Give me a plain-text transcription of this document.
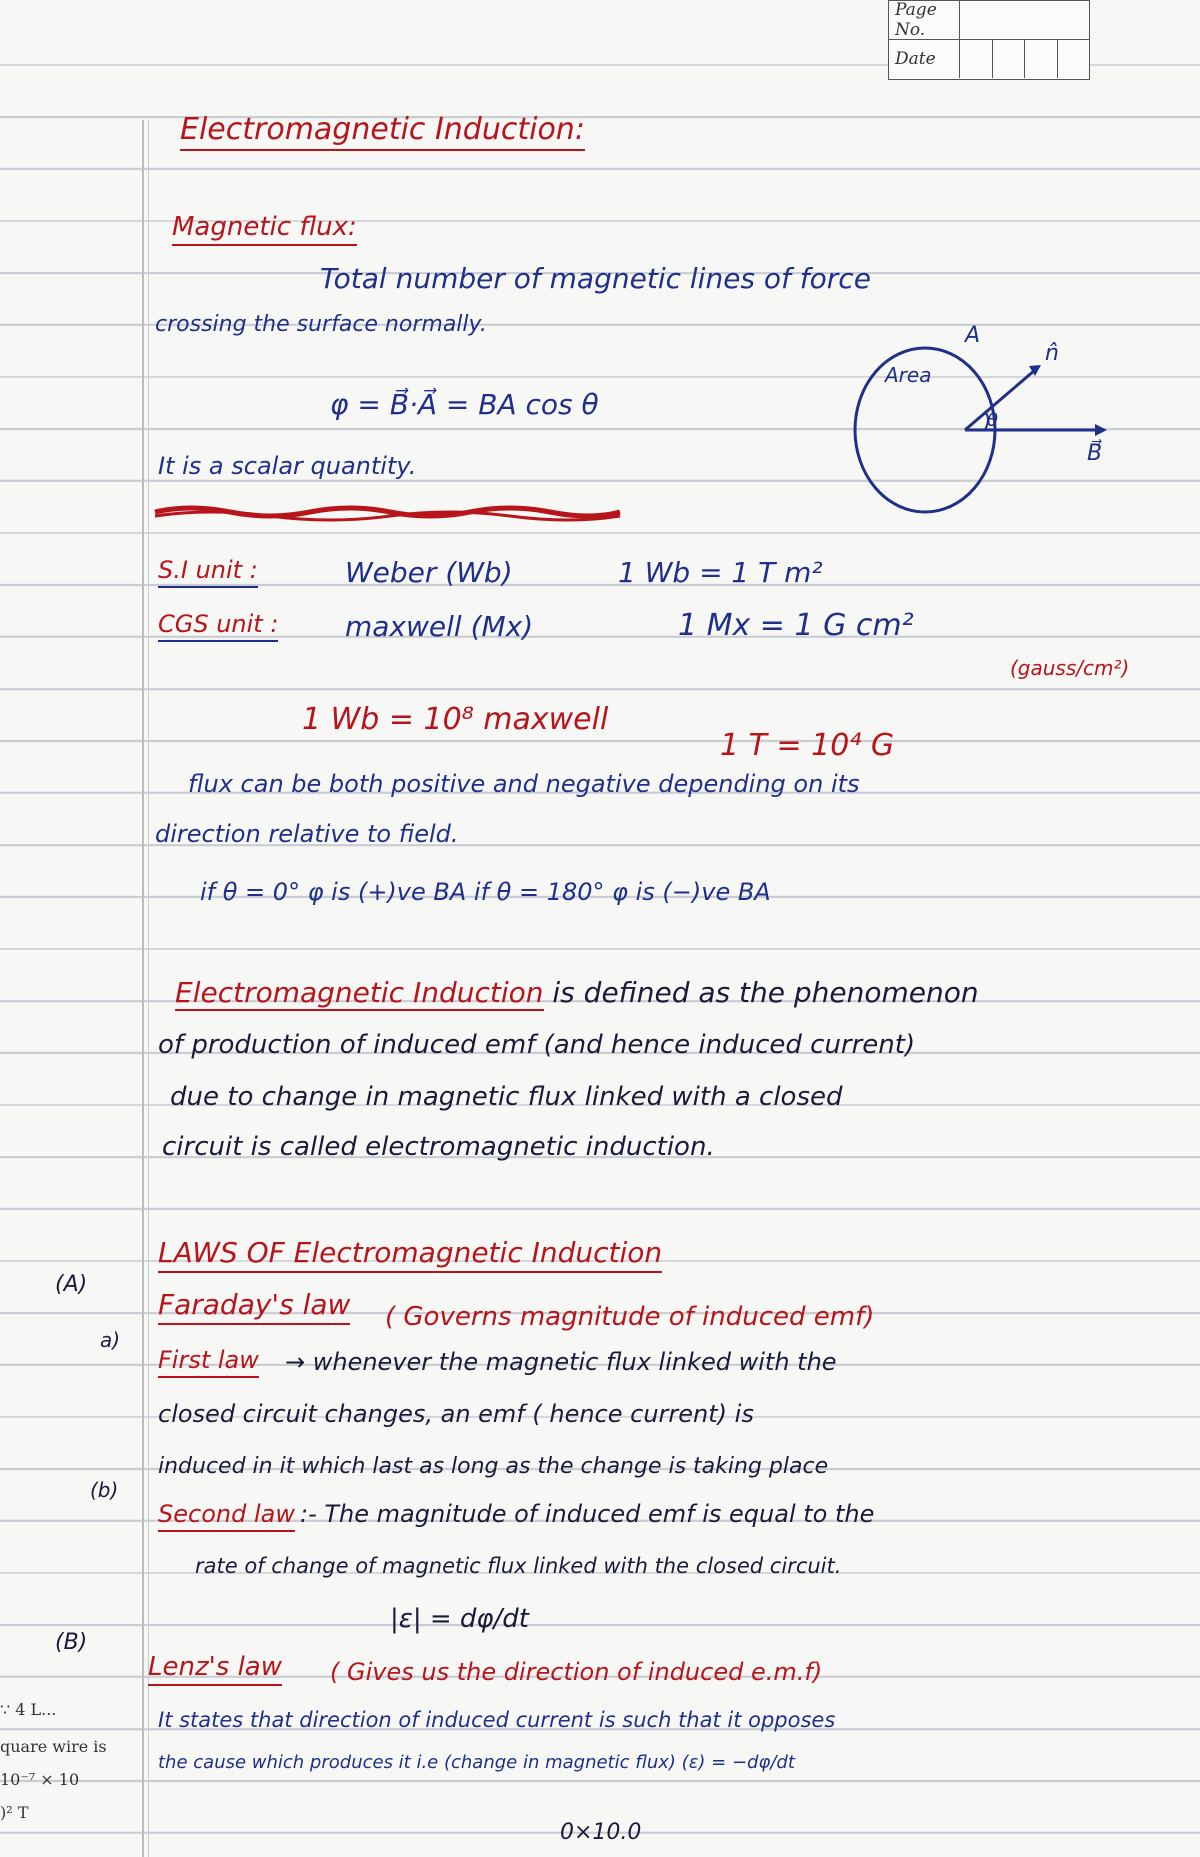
Page No.
Date
Electromagnetic Induction:
Magnetic flux:
Total number of magnetic lines of force
crossing the surface normally.
φ = B⃗·A⃗ = BA cos θ
It is a scalar quantity.
S.I unit :	Weber (Wb)	1 Wb = 1 T m²
CGS unit : maxwell (Mx)	1 Mx = 1 G cm²
(gauss/cm²)
1 Wb = 10⁸ maxwell
1 T = 10⁴ G
flux can be both positive and negative depending on its
direction relative to field.
if θ = 0° φ is (+)ve BA if θ = 180° φ is (−)ve BA
Area
A
n̂
θ
B⃗
Electromagnetic Induction is defined as the phenomenon
of production of induced emf (and hence induced current)
due to change in magnetic flux linked with a closed
circuit is called electromagnetic induction.
LAWS OF Electromagnetic Induction
(A)
Faraday's law ( Governs magnitude of induced emf)
a)
First law → whenever the magnetic flux linked with the
closed circuit changes, an emf ( hence current) is
induced in it which last as long as the change is taking place
(b)
Second law :- The magnitude of induced emf is equal to the
rate of change of magnetic flux linked with the closed circuit.
|ε| = dφ/dt
(B)
Lenz's law ( Gives us the direction of induced e.m.f)
It states that direction of induced current is such that it opposes
the cause which produces it i.e (change in magnetic flux) (ε) = −dφ/dt
∵ 4 L...
quare wire is
10⁻⁷ × 10
)² T
0×10.0
